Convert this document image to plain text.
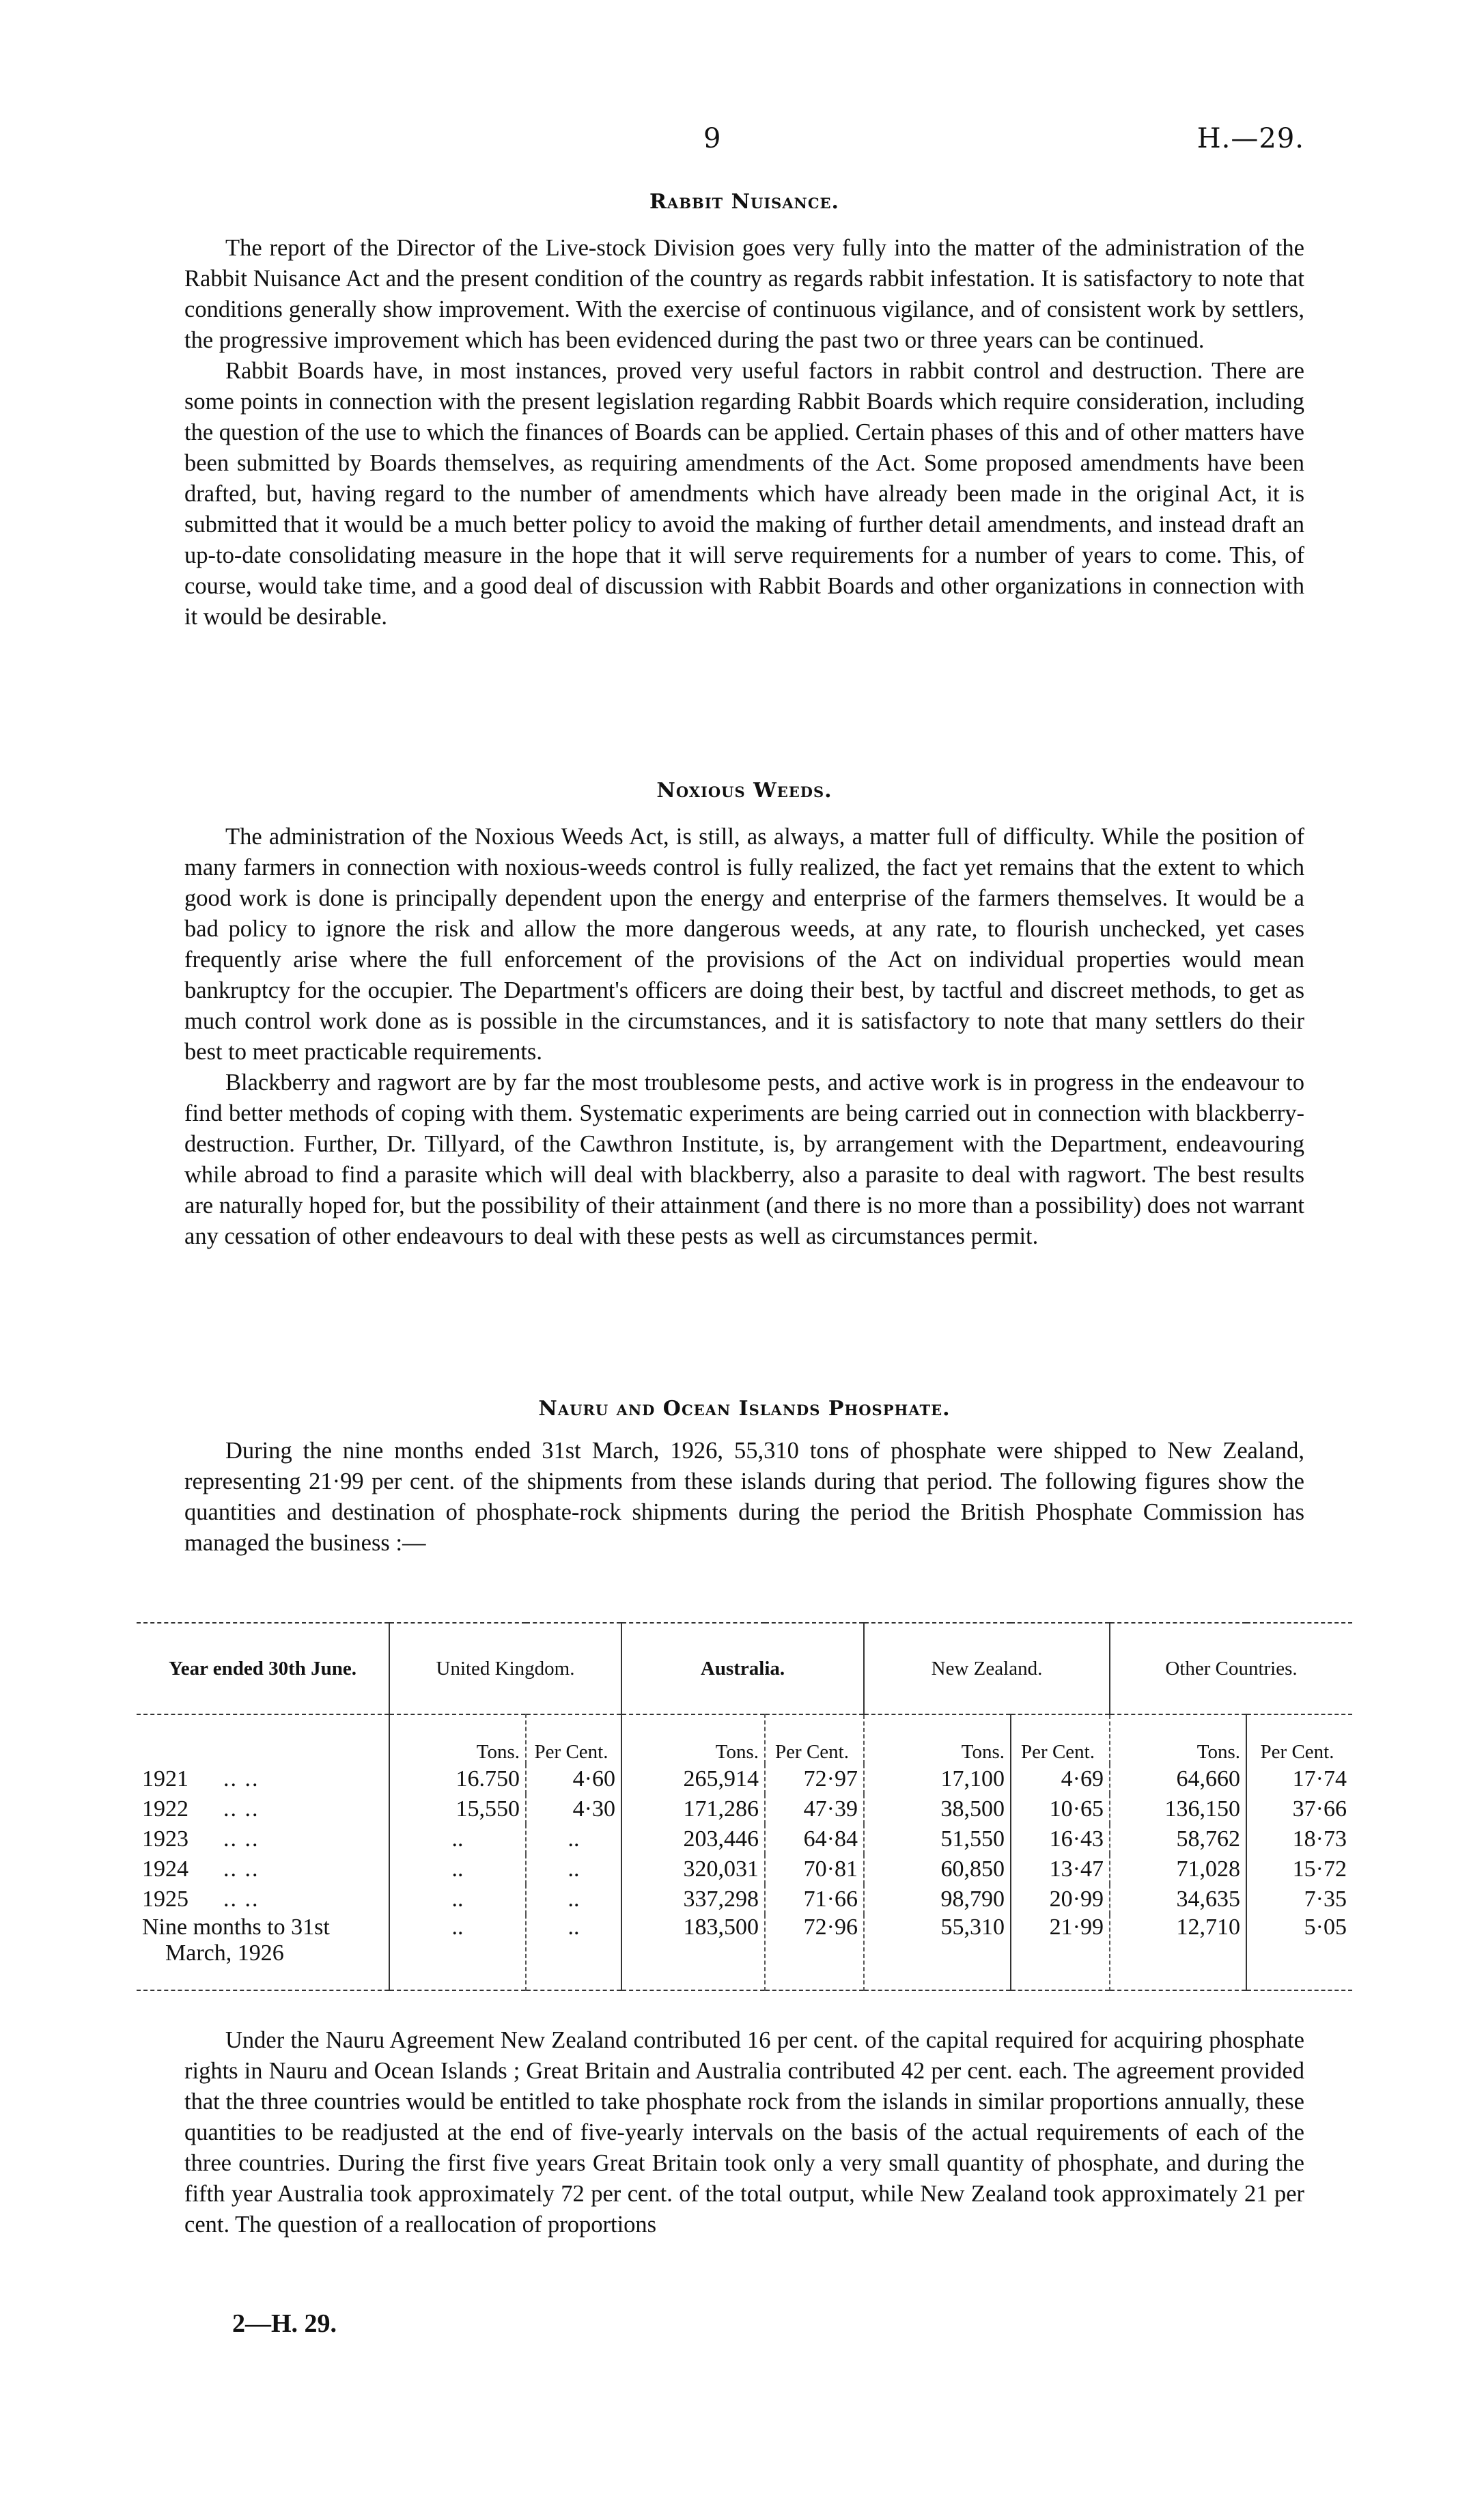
9	H.—29.
Rabbit Nuisance.

The report of the Director of the Live-stock Division goes very fully into the matter of the administration of the Rabbit Nuisance Act and the present condition of the country as regards rabbit infestation. It is satisfactory to note that conditions generally show improvement. With the exercise of continuous vigilance, and of consistent work by settlers, the progressive improvement which has been evidenced during the past two or three years can be continued.

Rabbit Boards have, in most instances, proved very useful factors in rabbit control and destruction. There are some points in connection with the present legislation regarding Rabbit Boards which require consideration, including the question of the use to which the finances of Boards can be applied. Certain phases of this and of other matters have been submitted by Boards themselves, as requiring amendments of the Act. Some proposed amendments have been drafted, but, having regard to the number of amendments which have already been made in the original Act, it is submitted that it would be a much better policy to avoid the making of further detail amendments, and instead draft an up-to-date consolidating measure in the hope that it will serve requirements for a number of years to come. This, of course, would take time, and a good deal of discussion with Rabbit Boards and other organizations in connection with it would be desirable.

Noxious Weeds.

The administration of the Noxious Weeds Act, is still, as always, a matter full of difficulty. While the position of many farmers in connection with noxious-weeds control is fully realized, the fact yet remains that the extent to which good work is done is principally dependent upon the energy and enterprise of the farmers themselves. It would be a bad policy to ignore the risk and allow the more dangerous weeds, at any rate, to flourish unchecked, yet cases frequently arise where the full enforcement of the provisions of the Act on individual properties would mean bankruptcy for the occupier. The Department's officers are doing their best, by tactful and discreet methods, to get as much control work done as is possible in the circumstances, and it is satisfactory to note that many settlers do their best to meet practicable requirements.

Blackberry and ragwort are by far the most troublesome pests, and active work is in progress in the endeavour to find better methods of coping with them. Systematic experiments are being carried out in connection with blackberry-destruction. Further, Dr. Tillyard, of the Cawthron Institute, is, by arrangement with the Department, endeavouring while abroad to find a parasite which will deal with blackberry, also a parasite to deal with ragwort. The best results are naturally hoped for, but the possibility of their attainment (and there is no more than a possibility) does not warrant any cessation of other endeavours to deal with these pests as well as circumstances permit.

Nauru and Ocean Islands Phosphate.

During the nine months ended 31st March, 1926, 55,310 tons of phosphate were shipped to New Zealand, representing 21·99 per cent. of the shipments from these islands during that period. The following figures show the quantities and destination of phosphate-rock shipments during the period the British Phosphate Commission has managed the business :—

Year ended 30th June.	United Kingdom.		Australia.		New Zealand.		Other Countries.	
	Tons.	Per Cent.	Tons.	Per Cent.	Tons.	Per Cent.	Tons.	Per Cent.
1921 .. ..	16.750	4·60	265,914	72·97	17,100	4·69	64,660	17·74
1922 .. ..	15,550	4·30	171,286	47·39	38,500	10·65	136,150	37·66
1923 .. ..	..	..	203,446	64·84	51,550	16·43	58,762	18·73
1924 .. ..	..	..	320,031	70·81	60,850	13·47	71,028	15·72
1925 .. ..	..	..	337,298	71·66	98,790	20·99	34,635	7·35
Nine months to 31st
March, 1926	..	..	183,500	72·96	55,310	21·99	12,710	5·05

Under the Nauru Agreement New Zealand contributed 16 per cent. of the capital required for acquiring phosphate rights in Nauru and Ocean Islands ; Great Britain and Australia contributed 42 per cent. each. The agreement provided that the three countries would be entitled to take phosphate rock from the islands in similar proportions annually, these quantities to be readjusted at the end of five-yearly intervals on the basis of the actual requirements of each of the three countries. During the first five years Great Britain took only a very small quantity of phosphate, and during the fifth year Australia took approximately 72 per cent. of the total output, while New Zealand took approximately 21 per cent. The question of a reallocation of proportions

2—H. 29.
